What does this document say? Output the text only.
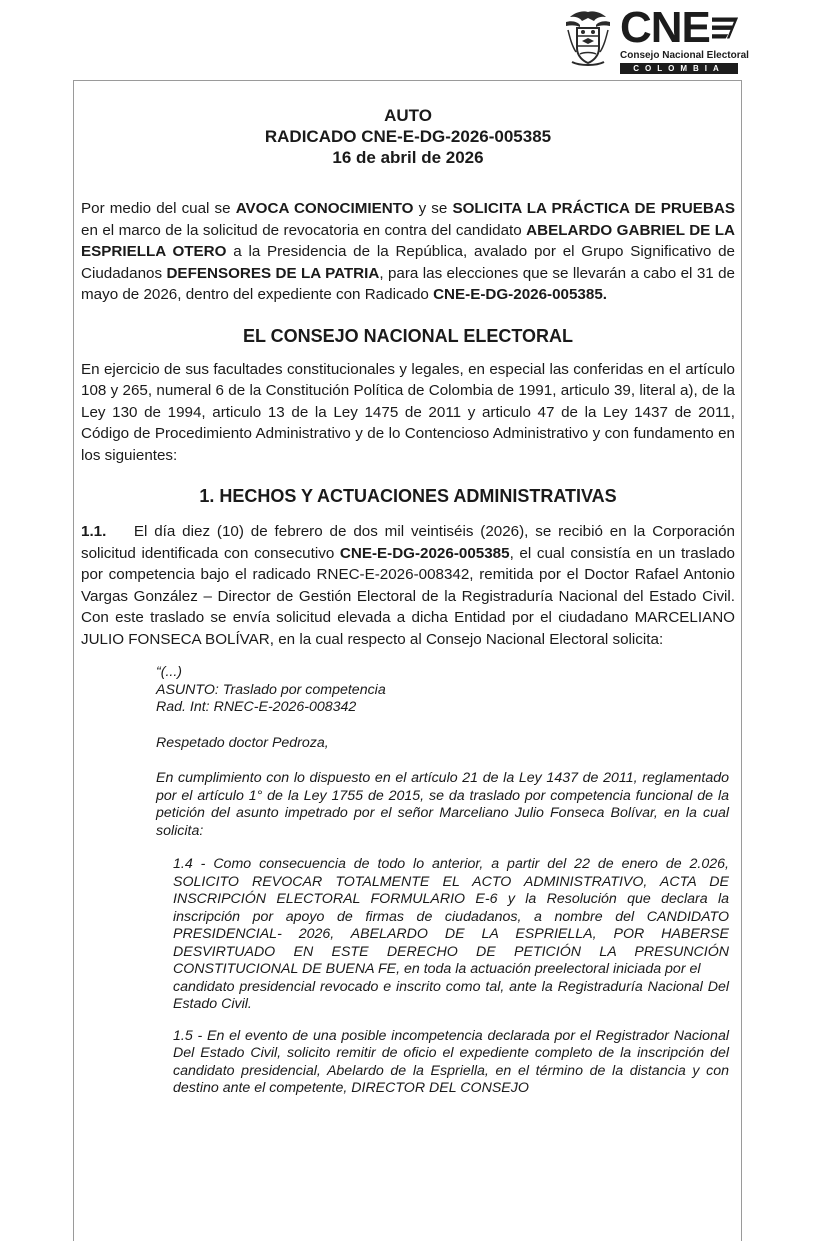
CNE
Consejo Nacional Electoral
COLOMBIA
AUTO
RADICADO CNE-E-DG-2026-005385
16 de abril de 2026

Por medio del cual se AVOCA CONOCIMIENTO y se SOLICITA LA PRÁCTICA DE PRUEBAS en el marco de la solicitud de revocatoria en contra del candidato ABELARDO GABRIEL DE LA ESPRIELLA OTERO a la Presidencia de la República, avalado por el Grupo Significativo de Ciudadanos DEFENSORES DE LA PATRIA, para las elecciones que se llevarán a cabo el 31 de mayo de 2026, dentro del expediente con Radicado CNE-E-DG-2026-005385.

EL CONSEJO NACIONAL ELECTORAL

En ejercicio de sus facultades constitucionales y legales, en especial las conferidas en el artículo 108 y 265, numeral 6 de la Constitución Política de Colombia de 1991, articulo 39, literal a), de la Ley 130 de 1994, articulo 13 de la Ley 1475 de 2011 y articulo 47 de la Ley 1437 de 2011, Código de Procedimiento Administrativo y de lo Contencioso Administrativo y con fundamento en los siguientes:

1. HECHOS Y ACTUACIONES ADMINISTRATIVAS

1.1. El día diez (10) de febrero de dos mil veintiséis (2026), se recibió en la Corporación solicitud identificada con consecutivo CNE-E-DG-2026-005385, el cual consistía en un traslado por competencia bajo el radicado RNEC-E-2026-008342, remitida por el Doctor Rafael Antonio Vargas González – Director de Gestión Electoral de la Registraduría Nacional del Estado Civil. Con este traslado se envía solicitud elevada a dicha Entidad por el ciudadano MARCELIANO JULIO FONSECA BOLÍVAR, en la cual respecto al Consejo Nacional Electoral solicita:

“(...)
ASUNTO: Traslado por competencia
Rad. Int: RNEC-E-2026-008342
Respetado doctor Pedroza,
En cumplimiento con lo dispuesto en el artículo 21 de la Ley 1437 de 2011, reglamentado por el artículo 1° de la Ley 1755 de 2015, se da traslado por competencia funcional de la petición del asunto impetrado por el señor Marceliano Julio Fonseca Bolívar, en la cual solicita:
1.4 - Como consecuencia de todo lo anterior, a partir del 22 de enero de 2.026, SOLICITO REVOCAR TOTALMENTE EL ACTO ADMINISTRATIVO, ACTA DE INSCRIPCIÓN ELECTORAL FORMULARIO E-6 y la Resolución que declara la inscripción por apoyo de firmas de ciudadanos, a nombre del CANDIDATO PRESIDENCIAL- 2026, ABELARDO DE LA ESPRIELLA, POR HABERSE DESVIRTUADO EN ESTE DERECHO DE PETICIÓN LA PRESUNCIÓN CONSTITUCIONAL DE BUENA FE, en toda la actuación preelectoral iniciada por el
candidato presidencial revocado e inscrito como tal, ante la Registraduría Nacional Del Estado Civil.
1.5 - En el evento de una posible incompetencia declarada por el Registrador Nacional Del Estado Civil, solicito remitir de oficio el expediente completo de la inscripción del candidato presidencial, Abelardo de la Espriella, en el término de la distancia y con destino ante el competente, DIRECTOR DEL CONSEJO
